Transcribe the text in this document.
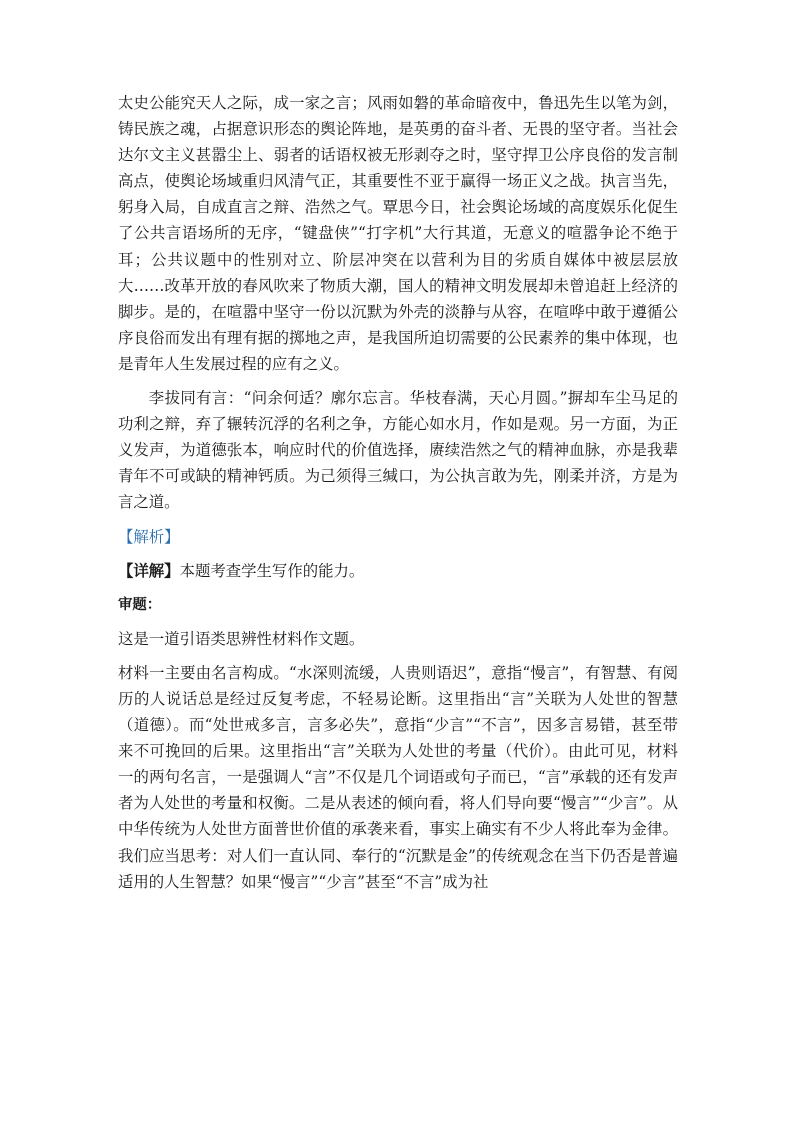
太史公能究天人之际，成一家之言；风雨如磐的革命暗夜中，鲁迅先生以笔为剑，铸民族之魂，占据意识形态的舆论阵地，是英勇的奋斗者、无畏的坚守者。当社会达尔文主义甚嚣尘上、弱者的话语权被无形剥夺之时，坚守捍卫公序良俗的发言制高点，使舆论场域重归风清气正，其重要性不亚于赢得一场正义之战。执言当先，躬身入局，自成直言之辩、浩然之气。覃思今日，社会舆论场域的高度娱乐化促生了公共言语场所的无序，“键盘侠”“打字机”大行其道，无意义的喧嚣争论不绝于耳；公共议题中的性别对立、阶层冲突在以营利为目的劣质自媒体中被层层放大……改革开放的春风吹来了物质大潮，国人的精神文明发展却未曾追赶上经济的脚步。是的，在喧嚣中坚守一份以沉默为外壳的淡静与从容，在喧哗中敢于遵循公序良俗而发出有理有据的掷地之声，是我国所迫切需要的公民素养的集中体现，也是青年人生发展过程的应有之义。

李拔同有言：“问余何适？廓尔忘言。华枝春满，天心月圆。”摒却车尘马足的功利之辩，弃了辗转沉浮的名利之争，方能心如水月，作如是观。另一方面，为正义发声，为道德张本，响应时代的价值选择，赓续浩然之气的精神血脉，亦是我辈青年不可或缺的精神钙质。为己须得三缄口，为公执言敢为先，刚柔并济，方是为言之道。

【解析】

【详解】本题考查学生写作的能力。

审题：

这是一道引语类思辨性材料作文题。

材料一主要由名言构成。“水深则流缓，人贵则语迟”，意指“慢言”，有智慧、有阅历的人说话总是经过反复考虑，不轻易论断。这里指出“言”关联为人处世的智慧（道德）。而“处世戒多言，言多必失”，意指“少言”“不言”，因多言易错，甚至带来不可挽回的后果。这里指出“言”关联为人处世的考量（代价）。由此可见，材料一的两句名言，一是强调人“言”不仅是几个词语或句子而已，“言”承载的还有发声者为人处世的考量和权衡。二是从表述的倾向看，将人们导向要“慢言”“少言”。从中华传统为人处世方面普世价值的承袭来看，事实上确实有不少人将此奉为金律。我们应当思考：对人们一直认同、奉行的“沉默是金”的传统观念在当下仍否是普遍适用的人生智慧？如果“慢言”“少言”甚至“不言”成为社
